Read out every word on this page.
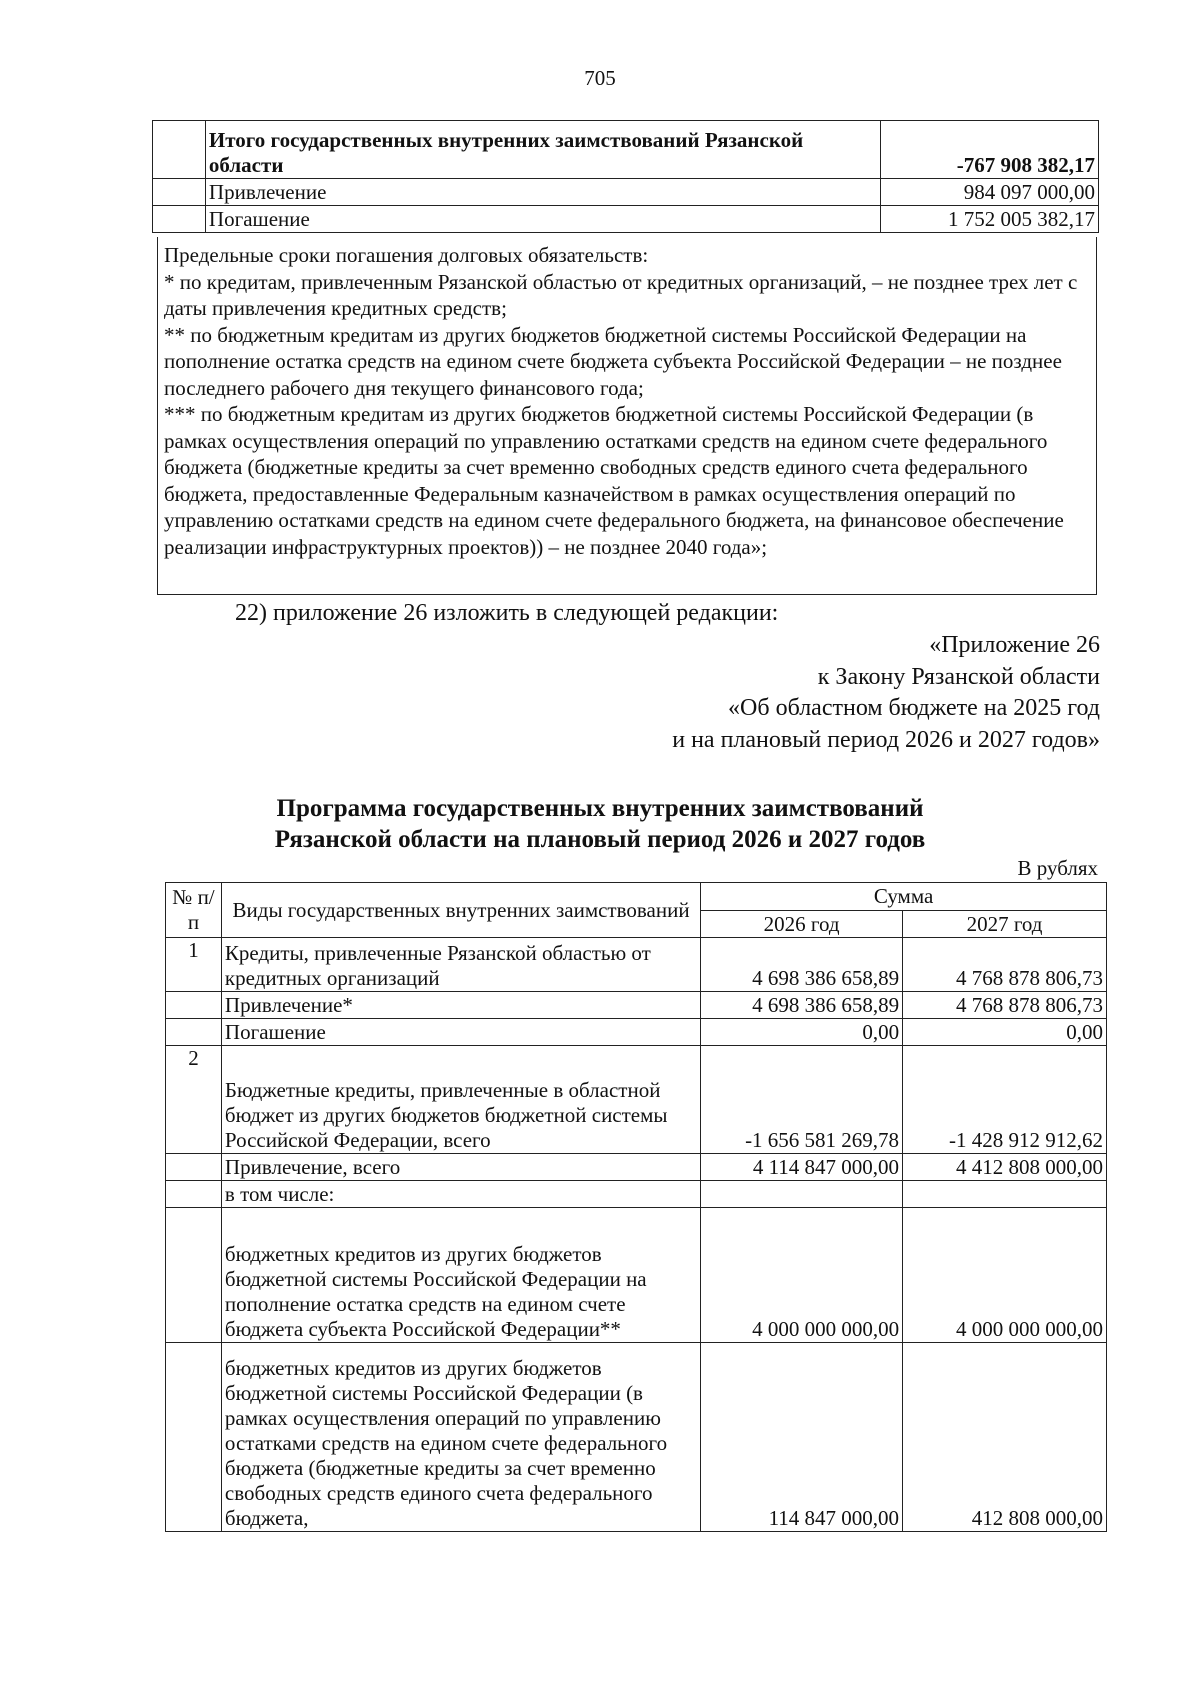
705
	Итого государственных внутренних заимствований Рязанской области	-767 908 382,17
	Привлечение	984 097 000,00
	Погашение	1 752 005 382,17

Предельные сроки погашения долговых обязательств:

* по кредитам, привлеченным Рязанской областью от кредитных организаций, – не позднее трех лет с даты привлечения кредитных средств;

** по бюджетным кредитам из других бюджетов бюджетной системы Российской Федерации на пополнение остатка средств на едином счете бюджета субъекта Российской Федерации – не позднее последнего рабочего дня текущего финансового года;

*** по бюджетным кредитам из других бюджетов бюджетной системы Российской Федерации (в рамках осуществления операций по управлению остатками средств на едином счете федерального бюджета (бюджетные кредиты за счет временно свободных средств единого счета федерального бюджета, предоставленные Федеральным казначейством в рамках осуществления операций по управлению остатками средств на едином счете федерального бюджета, на финансовое обеспечение реализации инфраструктурных проектов)) – не позднее 2040 года»;

22) приложение 26 изложить в следующей редакции:
«Приложение 26
к Закону Рязанской области
«Об областном бюджете на 2025 год
и на плановый период 2026 и 2027 годов»
Программа государственных внутренних заимствований
Рязанской области на плановый период 2026 и 2027 годов
В рублях
№ п/п	Виды государственных внутренних заимствований	Сумма	
		2026 год	2027 год
1	Кредиты, привлеченные Рязанской областью от кредитных организаций	4 698 386 658,89	4 768 878 806,73
	Привлечение*	4 698 386 658,89	4 768 878 806,73
	Погашение	0,00	0,00
2	Бюджетные кредиты, привлеченные в областной бюджет из других бюджетов бюджетной системы Российской Федерации, всего	-1 656 581 269,78	-1 428 912 912,62
	Привлечение, всего	4 114 847 000,00	4 412 808 000,00
	в том числе:		
	бюджетных кредитов из других бюджетов бюджетной системы Российской Федерации на пополнение остатка средств на едином счете бюджета субъекта Российской Федерации**	4 000 000 000,00	4 000 000 000,00
	бюджетных кредитов из других бюджетов бюджетной системы Российской Федерации (в рамках осуществления операций по управлению остатками средств на едином счете федерального бюджета (бюджетные кредиты за счет временно свободных средств единого счета федерального бюджета,	114 847 000,00	412 808 000,00
